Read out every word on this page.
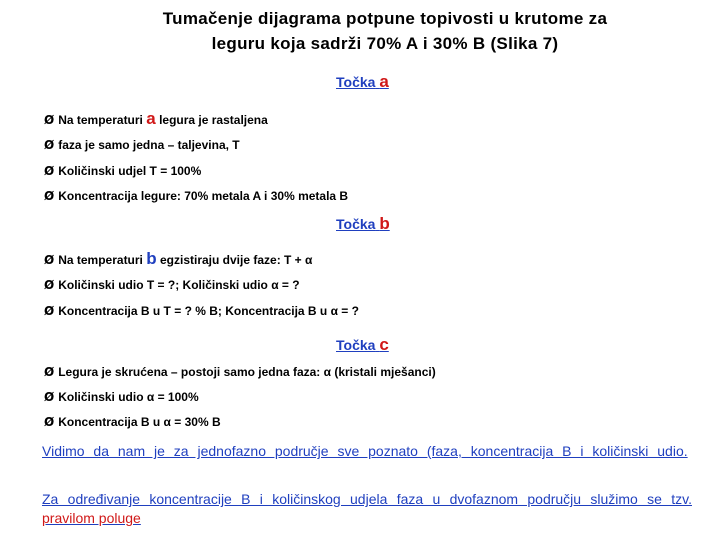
Tumačenje dijagrama potpune topivosti u krutome za
leguru koja sadrži 70% A i 30% B (Slika 7)
Točka a
Ø Na temperaturi a legura je rastaljena
Ø faza je samo jedna – taljevina, T
Ø Količinski udjel T = 100%
Ø Koncentracija legure: 70% metala A i 30% metala B
Točka b
Ø Na temperaturi b egzistiraju dvije faze: T + α
Ø Količinski udio T = ?; Količinski udio α = ?
Ø Koncentracija B u T = ? % B; Koncentracija B u α = ?
Točka c
Ø Legura je skrućena – postoji samo jedna faza: α (kristali mješanci)
Ø Količinski udio α = 100%
Ø Koncentracija B u α = 30% B
Vidimo da nam je za jednofazno područje sve poznato (faza, koncentracija B i količinski udio.
Za određivanje koncentracije B i količinskog udjela faza u dvofaznom području služimo se tzv. pravilom poluge
